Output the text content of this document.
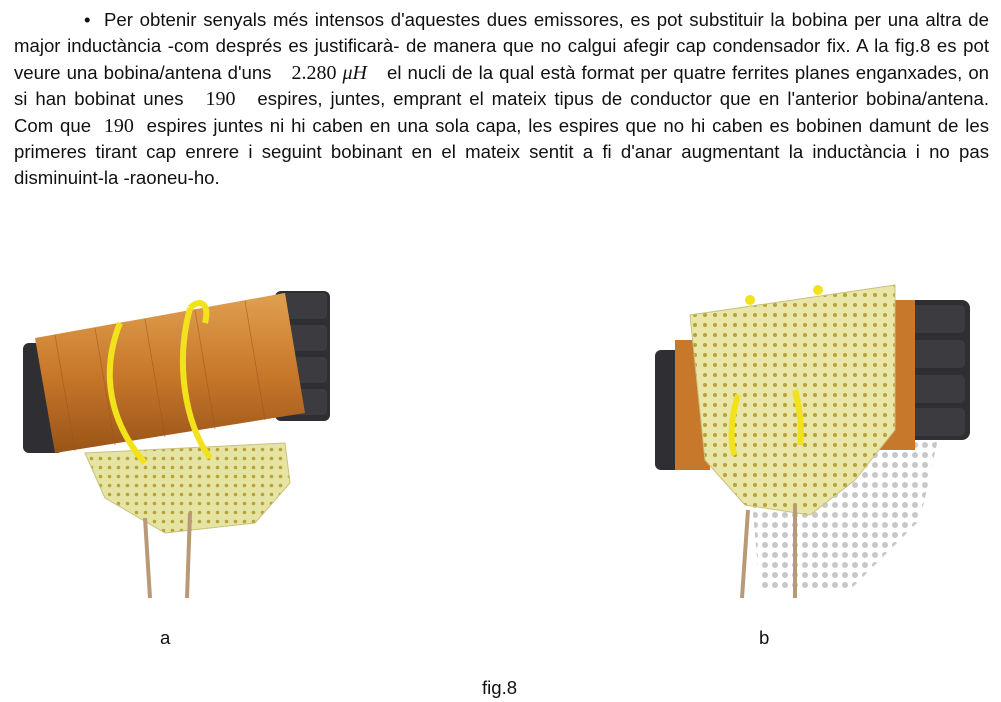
• Per obtenir senyals més intensos d'aquestes dues emissores, es pot substituir la bobina per una altra de major inductància -com després es justificarà- de manera que no calgui afegir cap condensador fix. A la fig.8 es pot veure una bobina/antena d'uns 2.280 μH el nucli de la qual està format per quatre ferrites planes enganxades, on si han bobinat unes 190 espires, juntes, emprant el mateix tipus de conductor que en l'anterior bobina/antena. Com que 190 espires juntes ni hi caben en una sola capa, les espires que no hi caben es bobinen damunt de les primeres tirant cap enrere i seguint bobinant en el mateix sentit a fi d'anar augmentant la inductància i no pas disminuint-la -raoneu-ho.
a	b
fig.8
